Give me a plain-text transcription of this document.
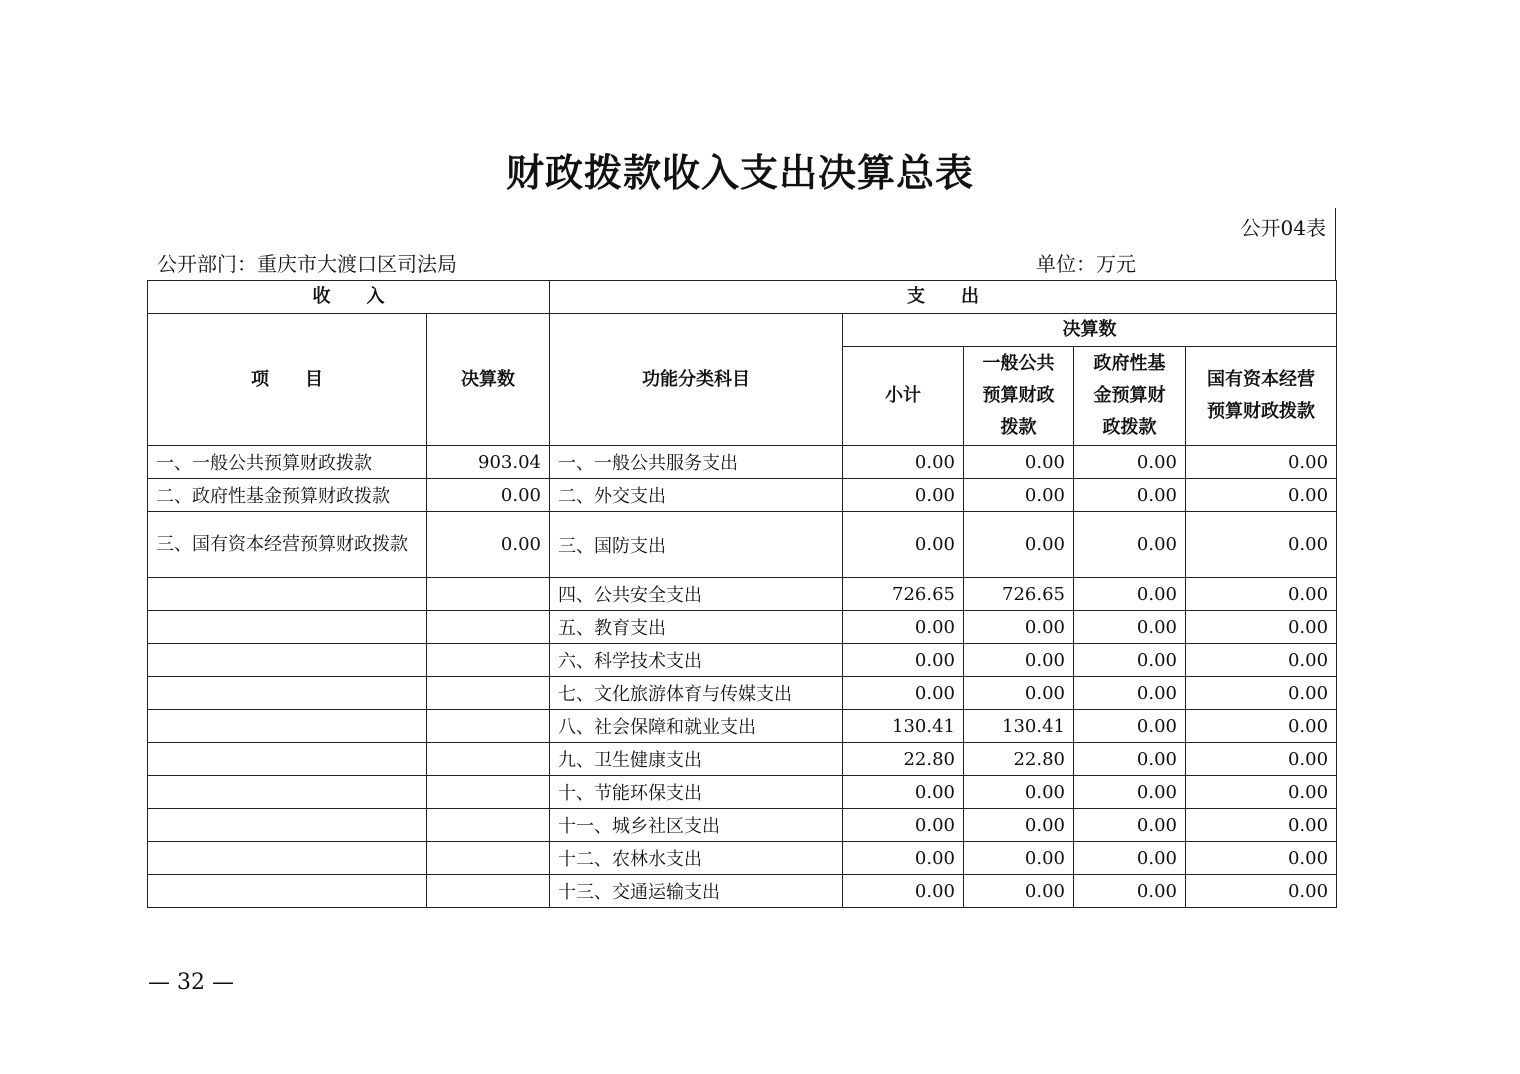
财政拨款收入支出决算总表
公开04表
公开部门：重庆市大渡口区司法局	单位：万元
收　　入		支　　出				
项　　目	决算数	功能分类科目	决算数			
			小计	一般公共预算财政拨款	政府性基金预算财政拨款	国有资本经营预算财政拨款
一、一般公共预算财政拨款	903.04	一、一般公共服务支出	0.00	0.00	0.00	0.00
二、政府性基金预算财政拨款	0.00	二、外交支出	0.00	0.00	0.00	0.00
三、国有资本经营预算财政拨款	0.00	三、国防支出	0.00	0.00	0.00	0.00
		四、公共安全支出	726.65	726.65	0.00	0.00
		五、教育支出	0.00	0.00	0.00	0.00
		六、科学技术支出	0.00	0.00	0.00	0.00
		七、文化旅游体育与传媒支出	0.00	0.00	0.00	0.00
		八、社会保障和就业支出	130.41	130.41	0.00	0.00
		九、卫生健康支出	22.80	22.80	0.00	0.00
		十、节能环保支出	0.00	0.00	0.00	0.00
		十一、城乡社区支出	0.00	0.00	0.00	0.00
		十二、农林水支出	0.00	0.00	0.00	0.00
		十三、交通运输支出	0.00	0.00	0.00	0.00
— 32 —
